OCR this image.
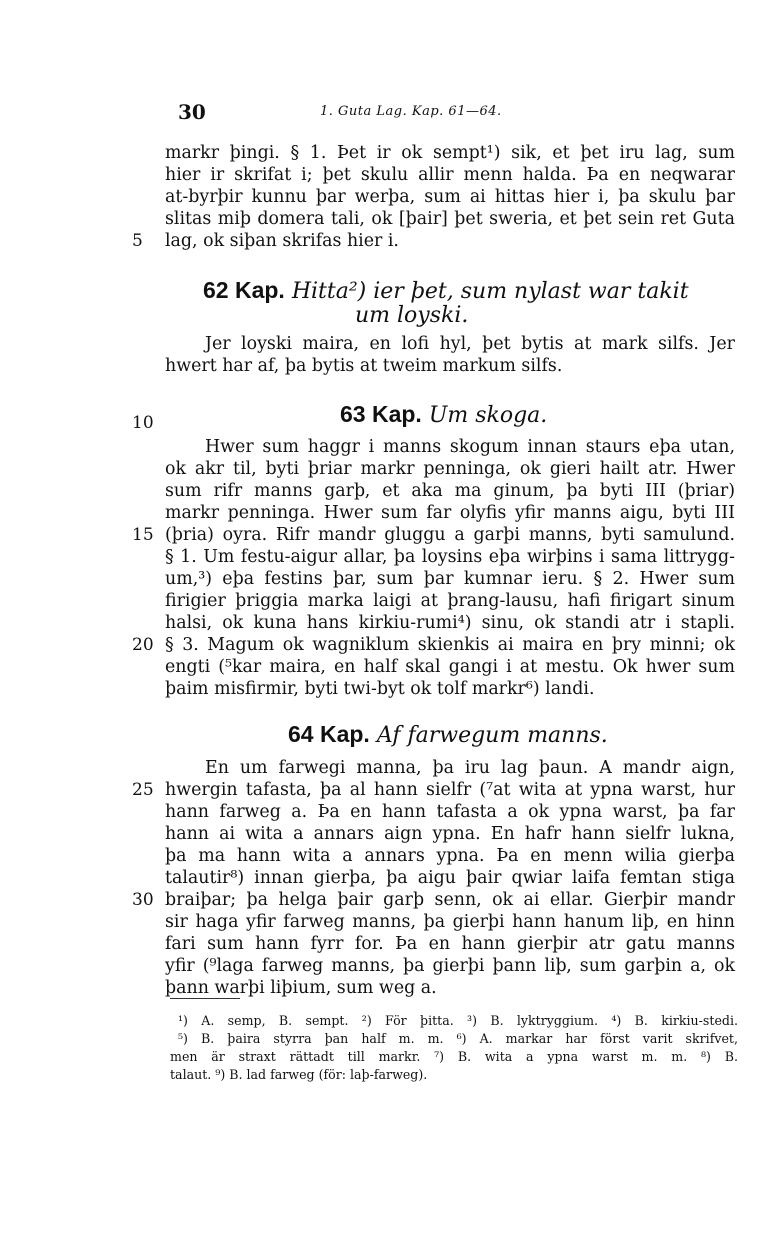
30	1. Guta Lag. Kap. 61—64.
markr þingi. § 1. Þet ir ok sempt¹) sik, et þet iru lag, sum
hier ir skrifat i; þet skulu allir menn halda. Þa en neqwarar
at-byrþir kunnu þar werþa, sum ai hittas hier i, þa skulu þar
slitas miþ domera tali, ok [þair] þet sweria, et þet sein ret Guta
5	lag, ok siþan skrifas hier i.
62 Kap. Hitta²) ier þet, sum nylast war takit
um loyski.
Jer loyski maira, en lofi hyl, þet bytis at mark silfs. Jer
hwert har af, þa bytis at tweim markum silfs.
10	63 Kap. Um skoga.
Hwer sum haggr i manns skogum innan staurs eþa utan,
ok akr til, byti þriar markr penninga, ok gieri hailt atr. Hwer
sum rifr manns garþ, et aka ma ginum, þa byti III (þriar)
markr penninga. Hwer sum far olyfis yfir manns aigu, byti III
15 (þria) oyra. Rifr mandr gluggu a garþi manns, byti samulund.
§ 1. Um festu-aigur allar, þa loysins eþa wirþins i sama littrygg-
um,³) eþa festins þar, sum þar kumnar ieru. § 2. Hwer sum
firigier þriggia marka laigi at þrang-lausu, hafi firigart sinum
halsi, ok kuna hans kirkiu-rumi⁴) sinu, ok standi atr i stapli.
20 § 3. Magum ok wagniklum skienkis ai maira en þry minni; ok
engti (⁵kar maira, en half skal gangi i at mestu. Ok hwer sum
þaim misfirmir, byti twi-byt ok tolf markr⁶) landi.
64 Kap. Af farwegum manns.
En um farwegi manna, þa iru lag þaun. A mandr aign,
25 hwergin tafasta, þa al hann sielfr (⁷at wita at ypna warst, hur
hann farweg a. Þa en hann tafasta a ok ypna warst, þa far
hann ai wita a annars aign ypna. En hafr hann sielfr lukna,
þa ma hann wita a annars ypna. Þa en menn wilia gierþa
talautir⁸) innan gierþa, þa aigu þair qwiar laifa femtan stiga
30 braiþar; þa helga þair garþ senn, ok ai ellar. Gierþir mandr
sir haga yfir farweg manns, þa gierþi hann hanum liþ, en hinn
fari sum hann fyrr for. Þa en hann gierþir atr gatu manns
yfir (⁹laga farweg manns, þa gierþi þann liþ, sum garþin a, ok
þann warþi liþium, sum weg a.
¹) A. semp, B. sempt. ²) För þitta. ³) B. lyktryggium. ⁴) B. kirkiu-stedi.
⁵) B. þaira styrra þan half m. m. ⁶) A. markar har först varit skrifvet,
men är straxt rättadt till markr. ⁷) B. wita a ypna warst m. m. ⁸) B.
talaut. ⁹) B. lad farweg (för: laþ-farweg).
